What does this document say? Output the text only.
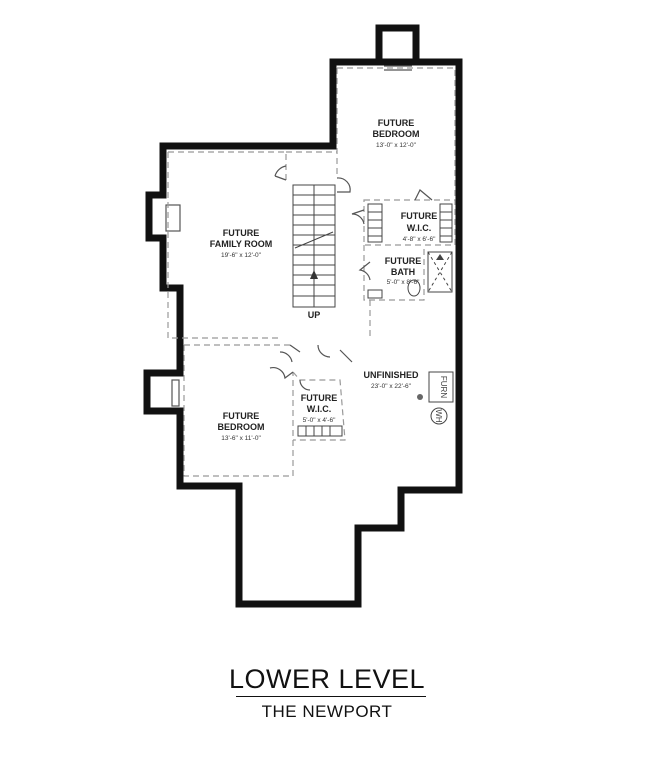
FURN
WH
FUTURE
BEDROOM
13'-0" x 12'-0"
FUTURE
FAMILY ROOM
19'-6" x 12'-0"
FUTURE
W.I.C.
4'-8" x 6'-6"
FUTURE
BATH
5'-0" x 8'-6"
UNFINISHED
23'-0" x 22'-6"
FUTURE
W.I.C.
5'-0" x 4'-6"
FUTURE
BEDROOM
13'-6" x 11'-0"
UP
LOWER LEVEL
THE NEWPORT
